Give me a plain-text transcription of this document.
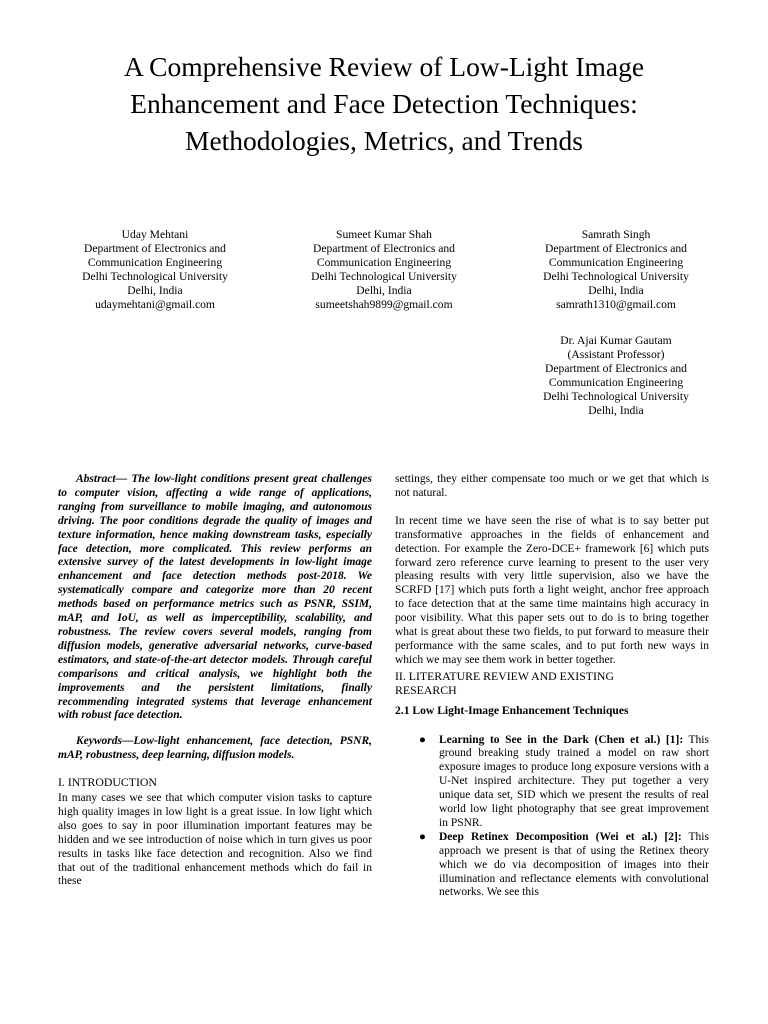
A Comprehensive Review of Low-Light Image
Enhancement and Face Detection Techniques:
Methodologies, Metrics, and Trends
Uday Mehtani
Department of Electronics and
Communication Engineering
Delhi Technological University
Delhi, India
udaymehtani@gmail.com
Sumeet Kumar Shah
Department of Electronics and
Communication Engineering
Delhi Technological University
Delhi, India
sumeetshah9899@gmail.com
Samrath Singh
Department of Electronics and
Communication Engineering
Delhi Technological University
Delhi, India
samrath1310@gmail.com
Dr. Ajai Kumar Gautam
(Assistant Professor)
Department of Electronics and
Communication Engineering
Delhi Technological University
Delhi, India

Abstract— The low-light conditions present great challenges to computer vision, affecting a wide range of applications, ranging from surveillance to mobile imaging, and autonomous driving. The poor conditions degrade the quality of images and texture information, hence making downstream tasks, especially face detection, more complicated. This review performs an extensive survey of the latest developments in low-light image enhancement and face detection methods post-2018. We systematically compare and categorize more than 20 recent methods based on performance metrics such as PSNR, SSIM, mAP, and IoU, as well as imperceptibility, scalability, and robustness. The review covers several models, ranging from diffusion models, generative adversarial networks, curve-based estimators, and state-of-the-art detector models. Through careful comparisons and critical analysis, we highlight both the improvements and the persistent limitations, finally recommending integrated systems that leverage enhancement with robust face detection.

Keywords—Low-light enhancement, face detection, PSNR, mAP, robustness, deep learning, diffusion models.

I. INTRODUCTION

In many cases we see that which computer vision tasks to capture high quality images in low light is a great issue. In low light which also goes to say in poor illumination important features may be hidden and we see introduction of noise which in turn gives us poor results in tasks like face detection and recognition. Also we find that out of the traditional enhancement methods which do fail in these

settings, they either compensate too much or we get that which is not natural.

In recent time we have seen the rise of what is to say better put transformative approaches in the fields of enhancement and detection. For example the Zero-DCE+ framework [6] which puts forward zero reference curve learning to present to the user very pleasing results with very little supervision, also we have the SCRFD [17] which puts forth a light weight, anchor free approach to face detection that at the same time maintains high accuracy in poor visibility. What this paper sets out to do is to bring together what is great about these two fields, to put forward to measure their performance with the same scales, and to put forth new ways in which we may see them work in better together.

II. LITERATURE REVIEW AND EXISTING
RESEARCH

2.1 Low Light-Image Enhancement Techniques

● Learning to See in the Dark (Chen et al.) [1]: This ground breaking study trained a model on raw short exposure images to produce long exposure versions with a U-Net inspired architecture. They put together a very unique data set, SID which we present the results of real world low light photography that see great improvement in PSNR.
● Deep Retinex Decomposition (Wei et al.) [2]: This approach we present is that of using the Retinex theory which we do via decomposition of images into their illumination and reflectance elements with convolutional networks. We see this
